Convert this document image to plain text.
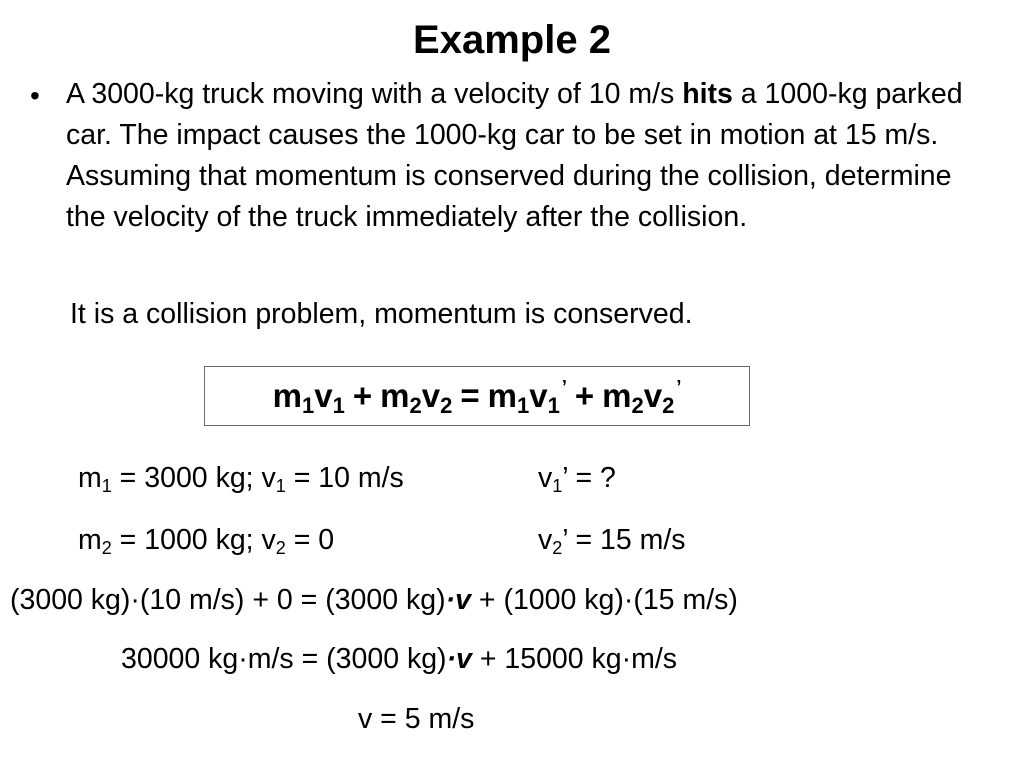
Example 2
• A 3000-kg truck moving with a velocity of 10 m/s hits a 1000-kg parked car. The impact causes the 1000-kg car to be set in motion at 15 m/s. Assuming that momentum is conserved during the collision, determine the velocity of the truck immediately after the collision.
It is a collision problem, momentum is conserved.
$m_1$ $v_1 + m_2$ $v_2 = m_1$ $v_1^’ + m_2$ $v_2^’$
$m_1 = 3000$ kg; $v_1 = 10$ m/s	$v_1$’ = ?
$m_2 = 1000$ kg; $v_2 = 0$	$v_2$’ = 15 m/s
(3000 kg)·(10 m/s) + 0 = (3000 kg)·v + (1000 kg)·(15 m/s)
30000 kg·m/s = (3000 kg)·v + 15000 kg·m/s
v = 5 m/s
